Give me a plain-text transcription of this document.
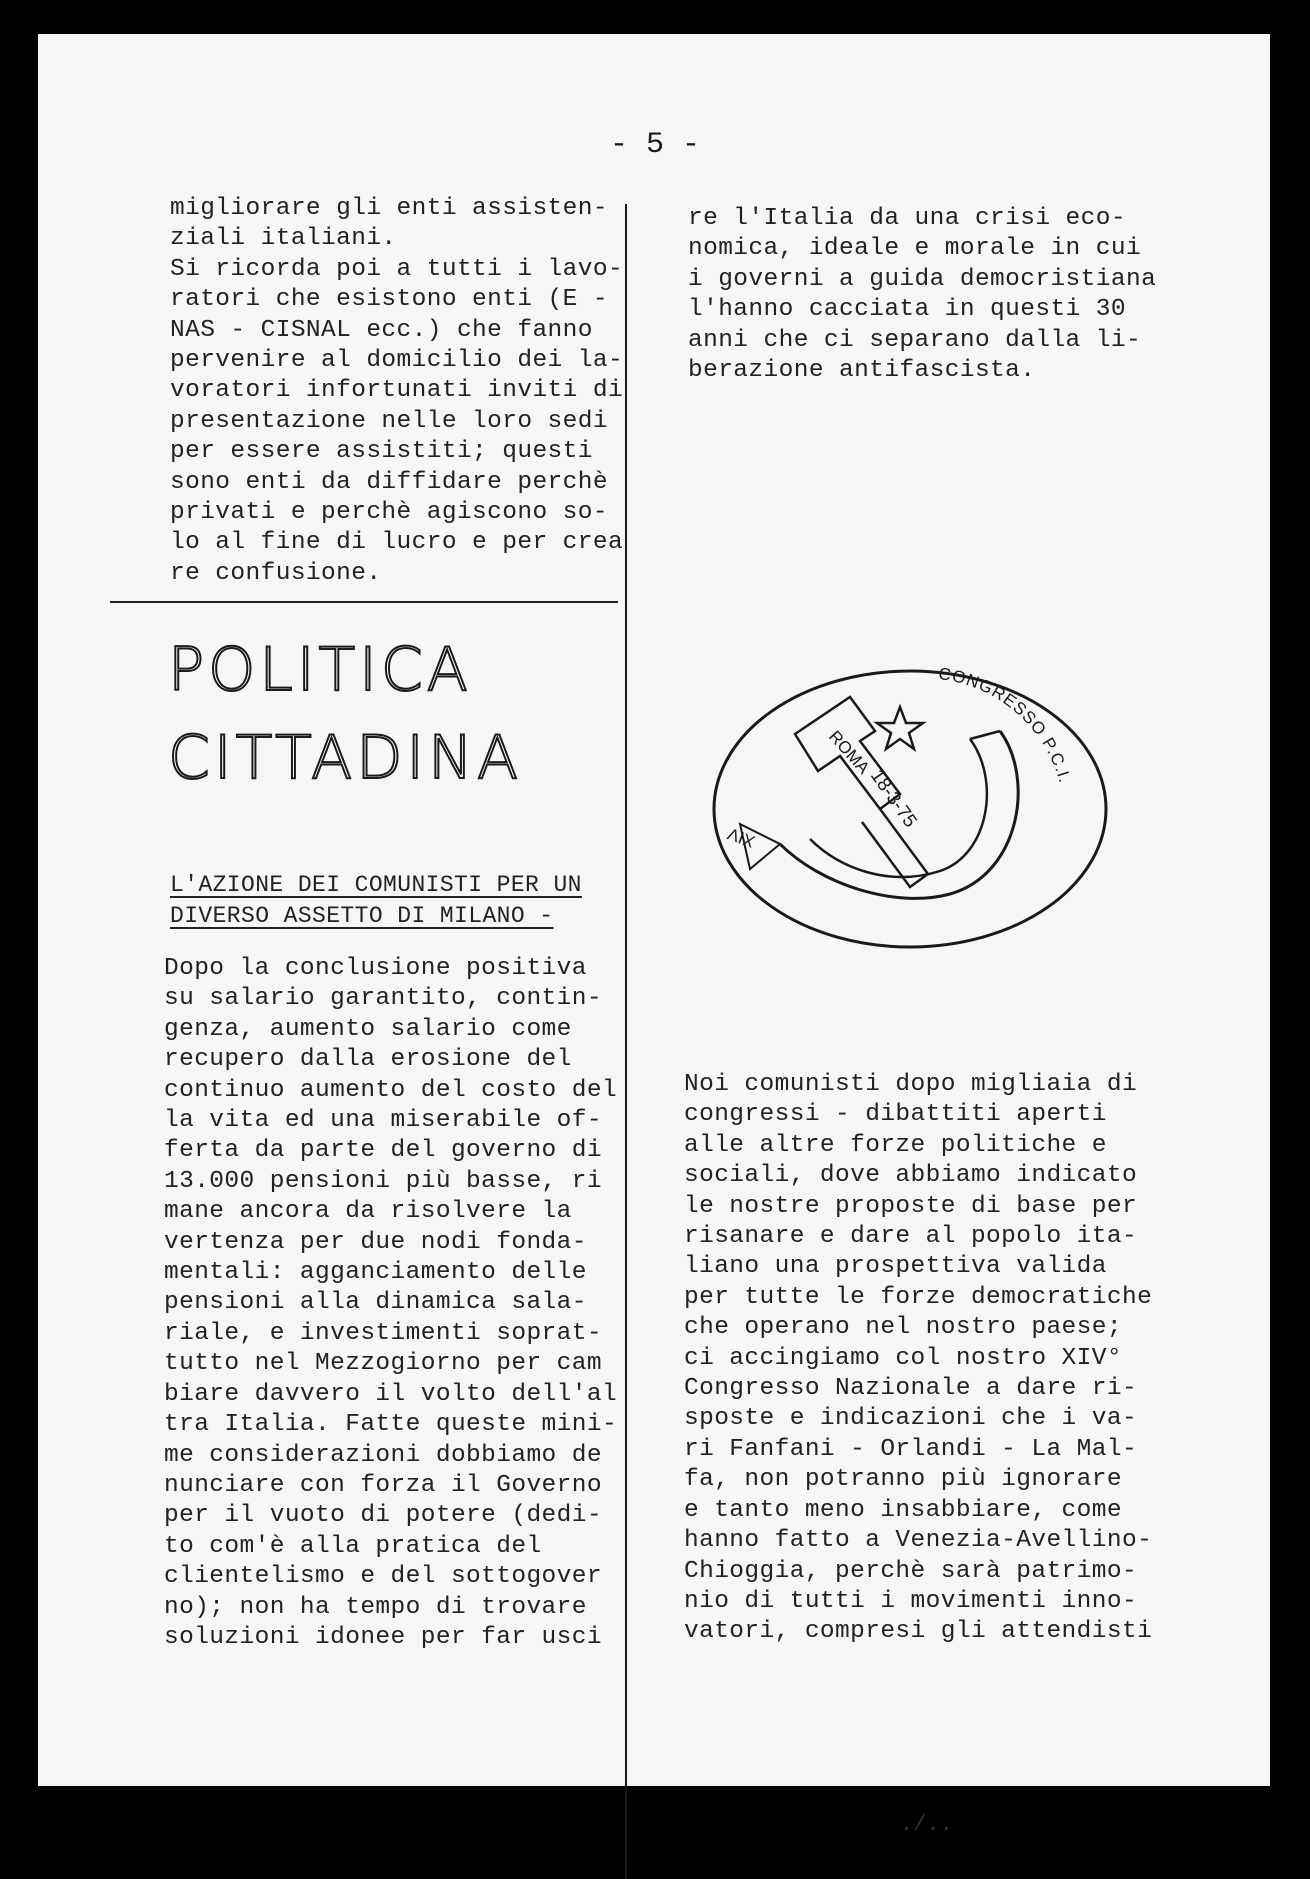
- 5 -
migliorare gli enti assisten-
ziali italiani.
Si ricorda poi a tutti i lavo-
ratori che esistono enti (E -
NAS - CISNAL ecc.) che fanno
pervenire al domicilio dei la-
voratori infortunati inviti di
presentazione nelle loro sedi
per essere assistiti; questi
sono enti da diffidare perchè
privati e perchè agiscono so-
lo al fine di lucro e per crea
re confusione.
re l'Italia da una crisi eco-
nomica, ideale e morale in cui
i governi a guida democristiana
l'hanno cacciata in questi 30
anni che ci separano dalla li-
berazione antifascista.
POLITICA
CITTADINA
L'AZIONE DEI COMUNISTI PER UN
DIVERSO ASSETTO DI MILANO -
Dopo la conclusione positiva
su salario garantito, contin-
genza, aumento salario come
recupero dalla erosione del
continuo aumento del costo del
la vita ed una miserabile of-
ferta da parte del governo di
13.000 pensioni più basse, ri
mane ancora da risolvere la
vertenza per due nodi fonda-
mentali: agganciamento delle
pensioni alla dinamica sala-
riale, e investimenti soprat-
tutto nel Mezzogiorno per cam
biare davvero il volto dell'al
tra Italia. Fatte queste mini-
me considerazioni dobbiamo de
nunciare con forza il Governo
per il vuoto di potere (dedi-
to com'è alla pratica del
clientelismo e del sottogover
no); non ha tempo di trovare
soluzioni idonee per far usci
CONGRESSO P.C.I.
ROMA
18-3-75
XIV
Noi comunisti dopo migliaia di
congressi - dibattiti aperti
alle altre forze politiche e
sociali, dove abbiamo indicato
le nostre proposte di base per
risanare e dare al popolo ita-
liano una prospettiva valida
per tutte le forze democratiche
che operano nel nostro paese;
ci accingiamo col nostro XIV°
Congresso Nazionale a dare ri-
sposte e indicazioni che i va-
ri Fanfani - Orlandi - La Mal-
fa, non potranno più ignorare
e tanto meno insabbiare, come
hanno fatto a Venezia-Avellino-
Chioggia, perchè sarà patrimo-
nio di tutti i movimenti inno-
vatori, compresi gli attendisti
./..
